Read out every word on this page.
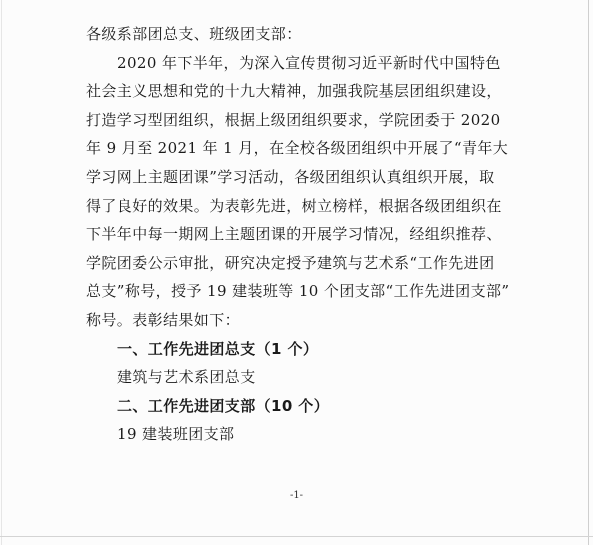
各级系部团总支、班级团支部：
2020 年下半年，为深入宣传贯彻习近平新时代中国特色
社会主义思想和党的十九大精神，加强我院基层团组织建设，
打造学习型团组织，根据上级团组织要求，学院团委于 2020
年 9 月至 2021 年 1 月，在全校各级团组织中开展了“青年大
学习网上主题团课”学习活动，各级团组织认真组织开展，取
得了良好的效果。为表彰先进，树立榜样，根据各级团组织在
下半年中每一期网上主题团课的开展学习情况，经组织推荐、
学院团委公示审批，研究决定授予建筑与艺术系“工作先进团
总支”称号，授予 19 建装班等 10 个团支部“工作先进团支部”
称号。表彰结果如下：
一、工作先进团总支（1 个）
建筑与艺术系团总支
二、工作先进团支部（10 个）
19 建装班团支部
-1-
